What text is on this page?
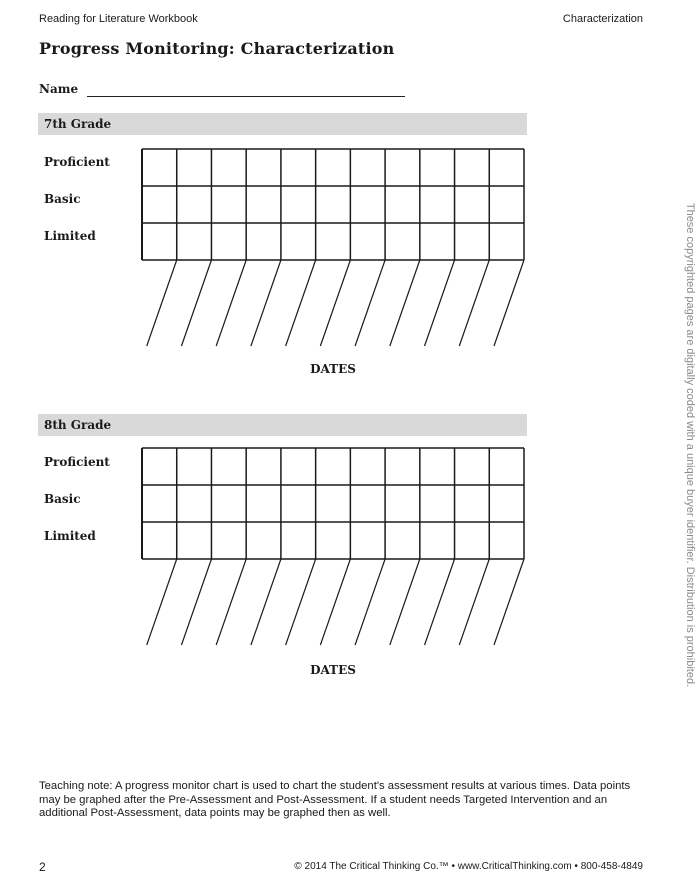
Reading for Literature Workbook	Characterization
Progress Monitoring: Characterization
Name
7th Grade
Proficient
Basic
Limited
DATES
8th Grade
Proficient
Basic
Limited
DATES
Teaching note: A progress monitor chart is used to chart the student's assessment results at various times. Data points may be graphed after the Pre-Assessment and Post-Assessment. If a student needs Targeted Intervention and an additional Post-Assessment, data points may be graphed then as well.
These copyrighted pages are digitally coded with a unique buyer identifier. Distribution is prohibited.
2	© 2014 The Critical Thinking Co.™ • www.CriticalThinking.com • 800-458-4849
